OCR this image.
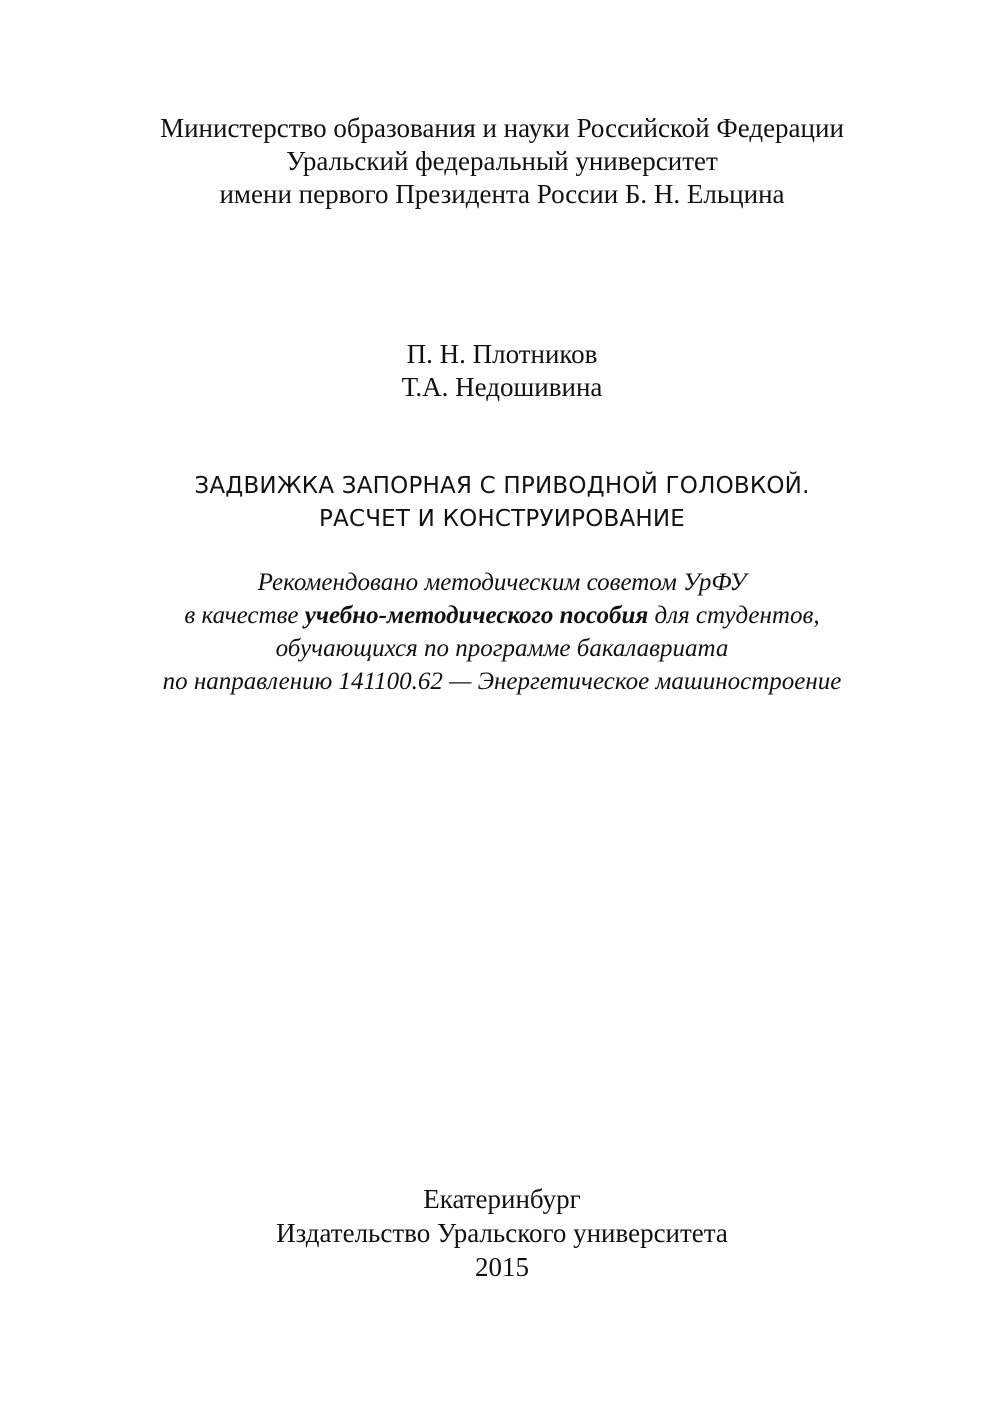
Министерство образования и науки Российской Федерации
Уральский федеральный университет
имени первого Президента России Б. Н. Ельцина
П. Н. Плотников
Т.А. Недошивина
ЗАДВИЖКА ЗАПОРНАЯ С ПРИВОДНОЙ ГОЛОВКОЙ.
РАСЧЕТ И КОНСТРУИРОВАНИЕ
Рекомендовано методическим советом УрФУ
в качестве учебно-методического пособия для студентов,
обучающихся по программе бакалавриата
по направлению 141100.62 — Энергетическое машиностроение
Екатеринбург
Издательство Уральского университета
2015
